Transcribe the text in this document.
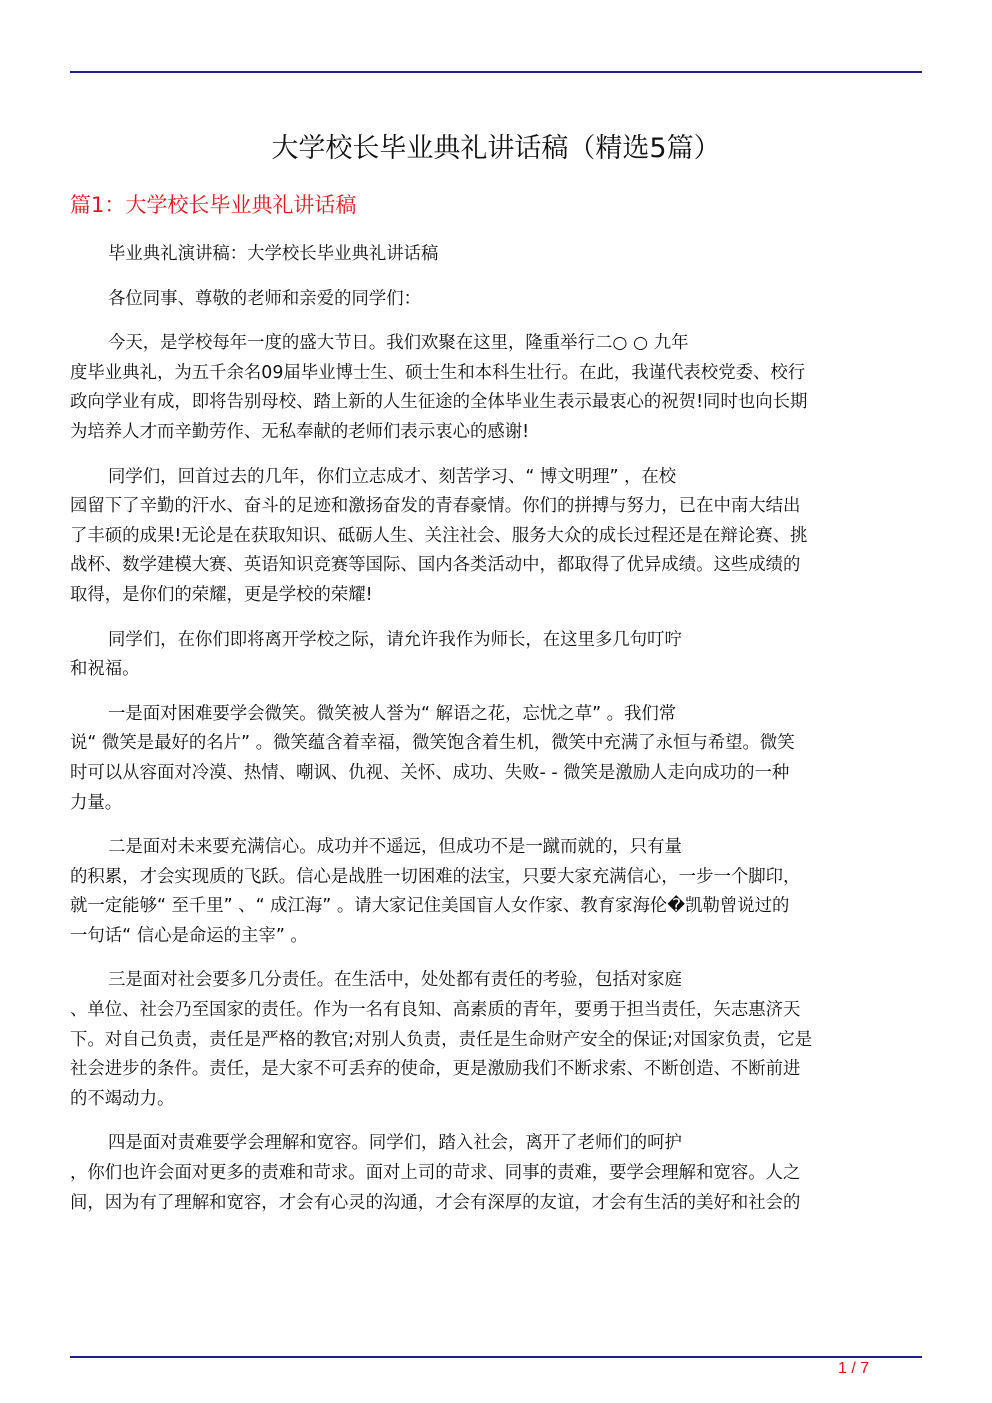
大学校长毕业典礼讲话稿（精选5篇）
篇1：大学校长毕业典礼讲话稿

毕业典礼演讲稿：大学校长毕业典礼讲话稿

各位同事、尊敬的老师和亲爱的同学们：

今天，是学校每年一度的盛大节日。我们欢聚在这里，隆重举行二○ ○ 九年
度毕业典礼，为五千余名09届毕业博士生、硕士生和本科生壮行。在此，我谨代表校党委、校行
政向学业有成，即将告别母校、踏上新的人生征途的全体毕业生表示最衷心的祝贺!同时也向长期
为培养人才而辛勤劳作、无私奉献的老师们表示衷心的感谢!

同学们，回首过去的几年，你们立志成才、刻苦学习、“ 博文明理” ，在校
园留下了辛勤的汗水、奋斗的足迹和激扬奋发的青春豪情。你们的拼搏与努力，已在中南大结出
了丰硕的成果!无论是在获取知识、砥砺人生、关注社会、服务大众的成长过程还是在辩论赛、挑
战杯、数学建模大赛、英语知识竞赛等国际、国内各类活动中，都取得了优异成绩。这些成绩的
取得，是你们的荣耀，更是学校的荣耀!

同学们，在你们即将离开学校之际，请允许我作为师长，在这里多几句叮咛
和祝福。

一是面对困难要学会微笑。微笑被人誉为“ 解语之花，忘忧之草” 。我们常
说“ 微笑是最好的名片” 。微笑蕴含着幸福，微笑饱含着生机，微笑中充满了永恒与希望。微笑
时可以从容面对冷漠、热情、嘲讽、仇视、关怀、成功、失败- - 微笑是激励人走向成功的一种
力量。

二是面对未来要充满信心。成功并不遥远，但成功不是一蹴而就的，只有量
的积累，才会实现质的飞跃。信心是战胜一切困难的法宝，只要大家充满信心，一步一个脚印，
就一定能够“ 至千里” 、“ 成江海” 。请大家记住美国盲人女作家、教育家海伦�凯勒曾说过的
一句话“ 信心是命运的主宰” 。

三是面对社会要多几分责任。在生活中，处处都有责任的考验，包括对家庭
、单位、社会乃至国家的责任。作为一名有良知、高素质的青年，要勇于担当责任，矢志惠济天
下。对自己负责，责任是严格的教官;对别人负责，责任是生命财产安全的保证;对国家负责，它是
社会进步的条件。责任，是大家不可丢弃的使命，更是激励我们不断求索、不断创造、不断前进
的不竭动力。

四是面对责难要学会理解和宽容。同学们，踏入社会，离开了老师们的呵护
，你们也许会面对更多的责难和苛求。面对上司的苛求、同事的责难，要学会理解和宽容。人之
间，因为有了理解和宽容，才会有心灵的沟通，才会有深厚的友谊，才会有生活的美好和社会的

1 / 7
